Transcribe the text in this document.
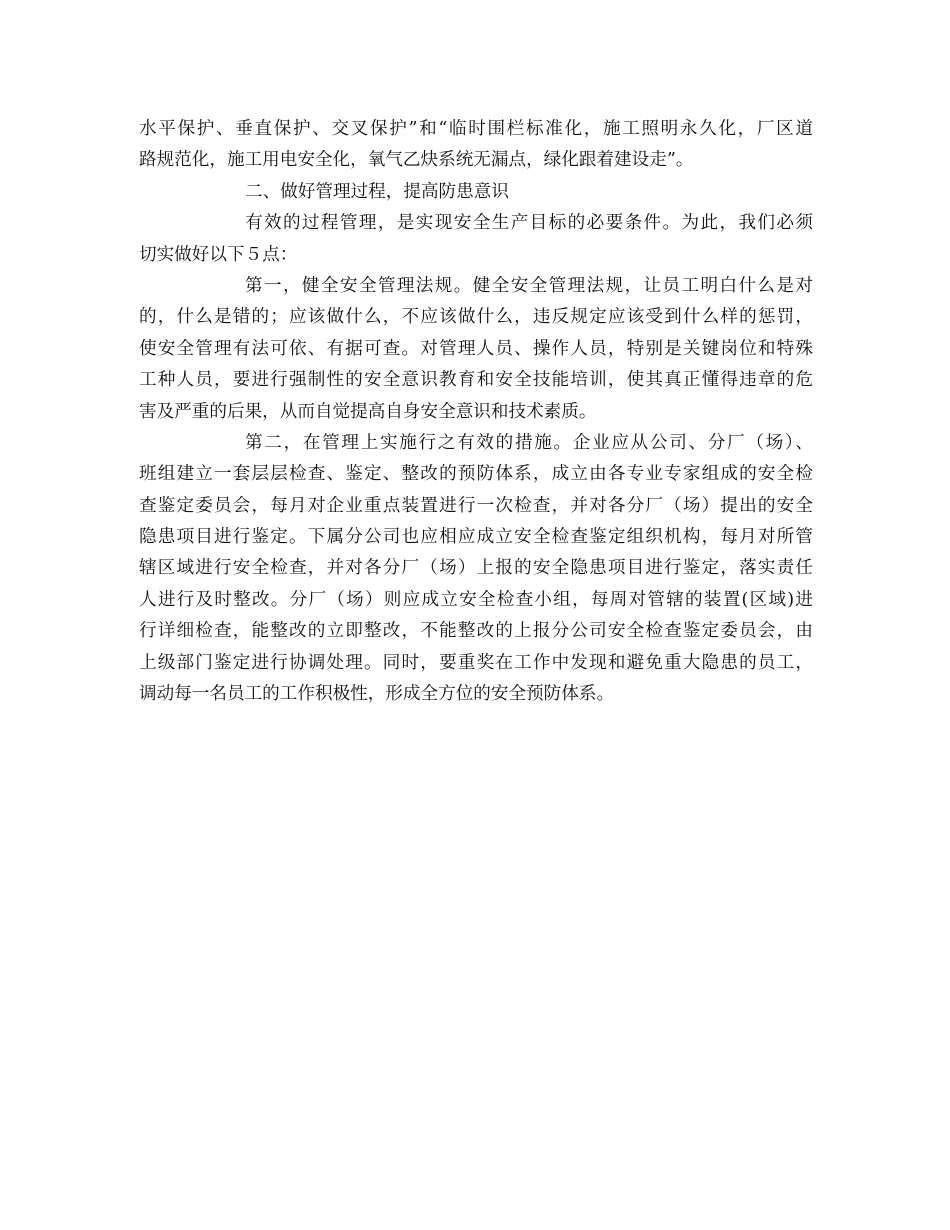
水平保护、垂直保护、交叉保护”和“临时围栏标准化，施工照明永久化，厂区道
路规范化，施工用电安全化，氧气乙炔系统无漏点，绿化跟着建设走”。
二、做好管理过程，提高防患意识
有效的过程管理，是实现安全生产目标的必要条件。为此，我们必须
切实做好以下５点：
第一，健全安全管理法规。健全安全管理法规，让员工明白什么是对
的，什么是错的；应该做什么，不应该做什么，违反规定应该受到什么样的惩罚，
使安全管理有法可依、有据可查。对管理人员、操作人员，特别是关键岗位和特殊
工种人员，要进行强制性的安全意识教育和安全技能培训，使其真正懂得违章的危
害及严重的后果，从而自觉提高自身安全意识和技术素质。
第二，在管理上实施行之有效的措施。企业应从公司、分厂（场）、
班组建立一套层层检查、鉴定、整改的预防体系，成立由各专业专家组成的安全检
查鉴定委员会，每月对企业重点装置进行一次检查，并对各分厂（场）提出的安全
隐患项目进行鉴定。下属分公司也应相应成立安全检查鉴定组织机构，每月对所管
辖区域进行安全检查，并对各分厂（场）上报的安全隐患项目进行鉴定，落实责任
人进行及时整改。分厂（场）则应成立安全检查小组，每周对管辖的装置(区域)进
行详细检查，能整改的立即整改，不能整改的上报分公司安全检查鉴定委员会，由
上级部门鉴定进行协调处理。同时，要重奖在工作中发现和避免重大隐患的员工，
调动每一名员工的工作积极性，形成全方位的安全预防体系。
